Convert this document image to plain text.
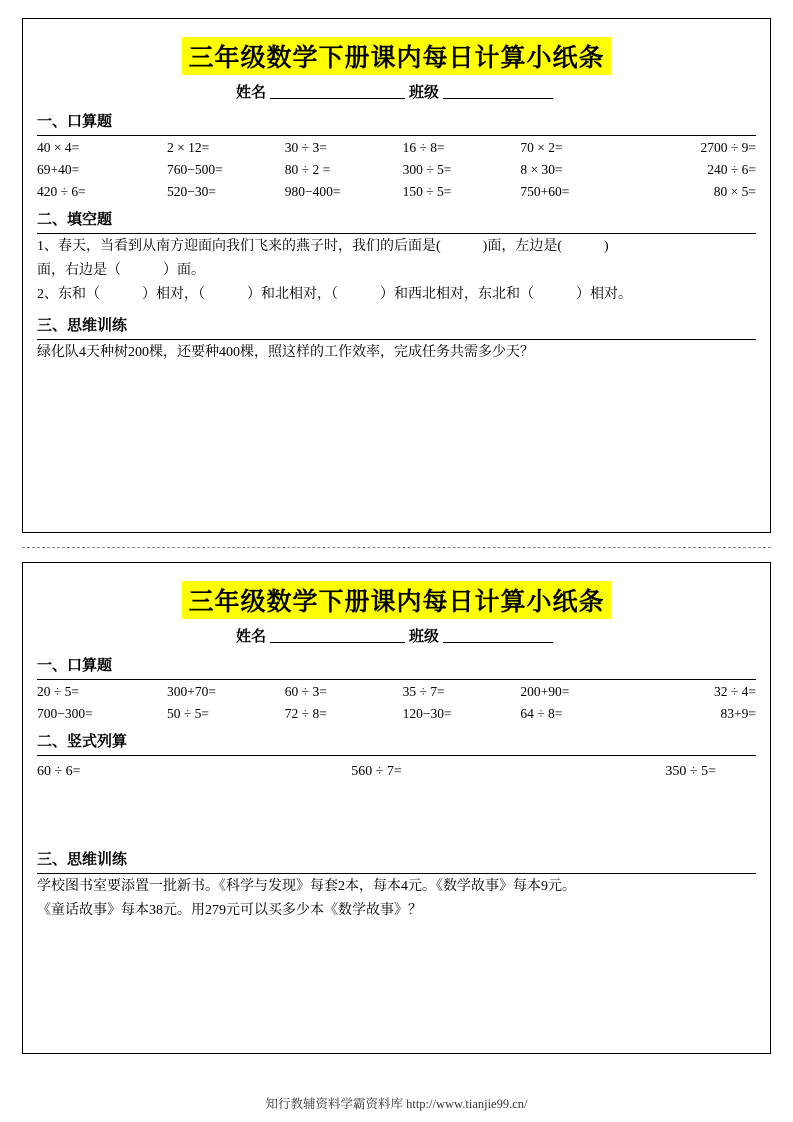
三年级数学下册课内每日计算小纸条
姓名	班级
一、口算题
40 × 4=	2 × 12=	30 ÷ 3=	16 ÷ 8=	70 × 2=	2700 ÷ 9=
69+40=	760−500=	80 ÷ 2 =	300 ÷ 5=	8 × 30=	240 ÷ 6=
420 ÷ 6=	520−30=	980−400=	150 ÷ 5=	750+60=	80 × 5=
二、填空题
1、春天，当看到从南方迎面向我们飞来的燕子时，我们的后面是(　　　)面，左边是(　　　)
面，右边是（　　　）面。
2、东和（　　　）相对，（　　　）和北相对，（　　　）和西北相对，东北和（　　　）相对。
三、思维训练
绿化队4天种树200棵，还要种400棵，照这样的工作效率，完成任务共需多少天？
三年级数学下册课内每日计算小纸条
姓名	班级
一、口算题
20 ÷ 5=	300+70=	60 ÷ 3=	35 ÷ 7=	200+90=	32 ÷ 4=
700−300=	50 ÷ 5=	72 ÷ 8=	120−30=	64 ÷ 8=	83+9=
二、竖式列算
60 ÷ 6=	560 ÷ 7=	350 ÷ 5=
三、思维训练
学校图书室要添置一批新书。《科学与发现》每套2本，每本4元。《数学故事》每本9元。
《童话故事》每本38元。用279元可以买多少本《数学故事》？
知行教辅资料学霸资料库 http://www.tianjie99.cn/
